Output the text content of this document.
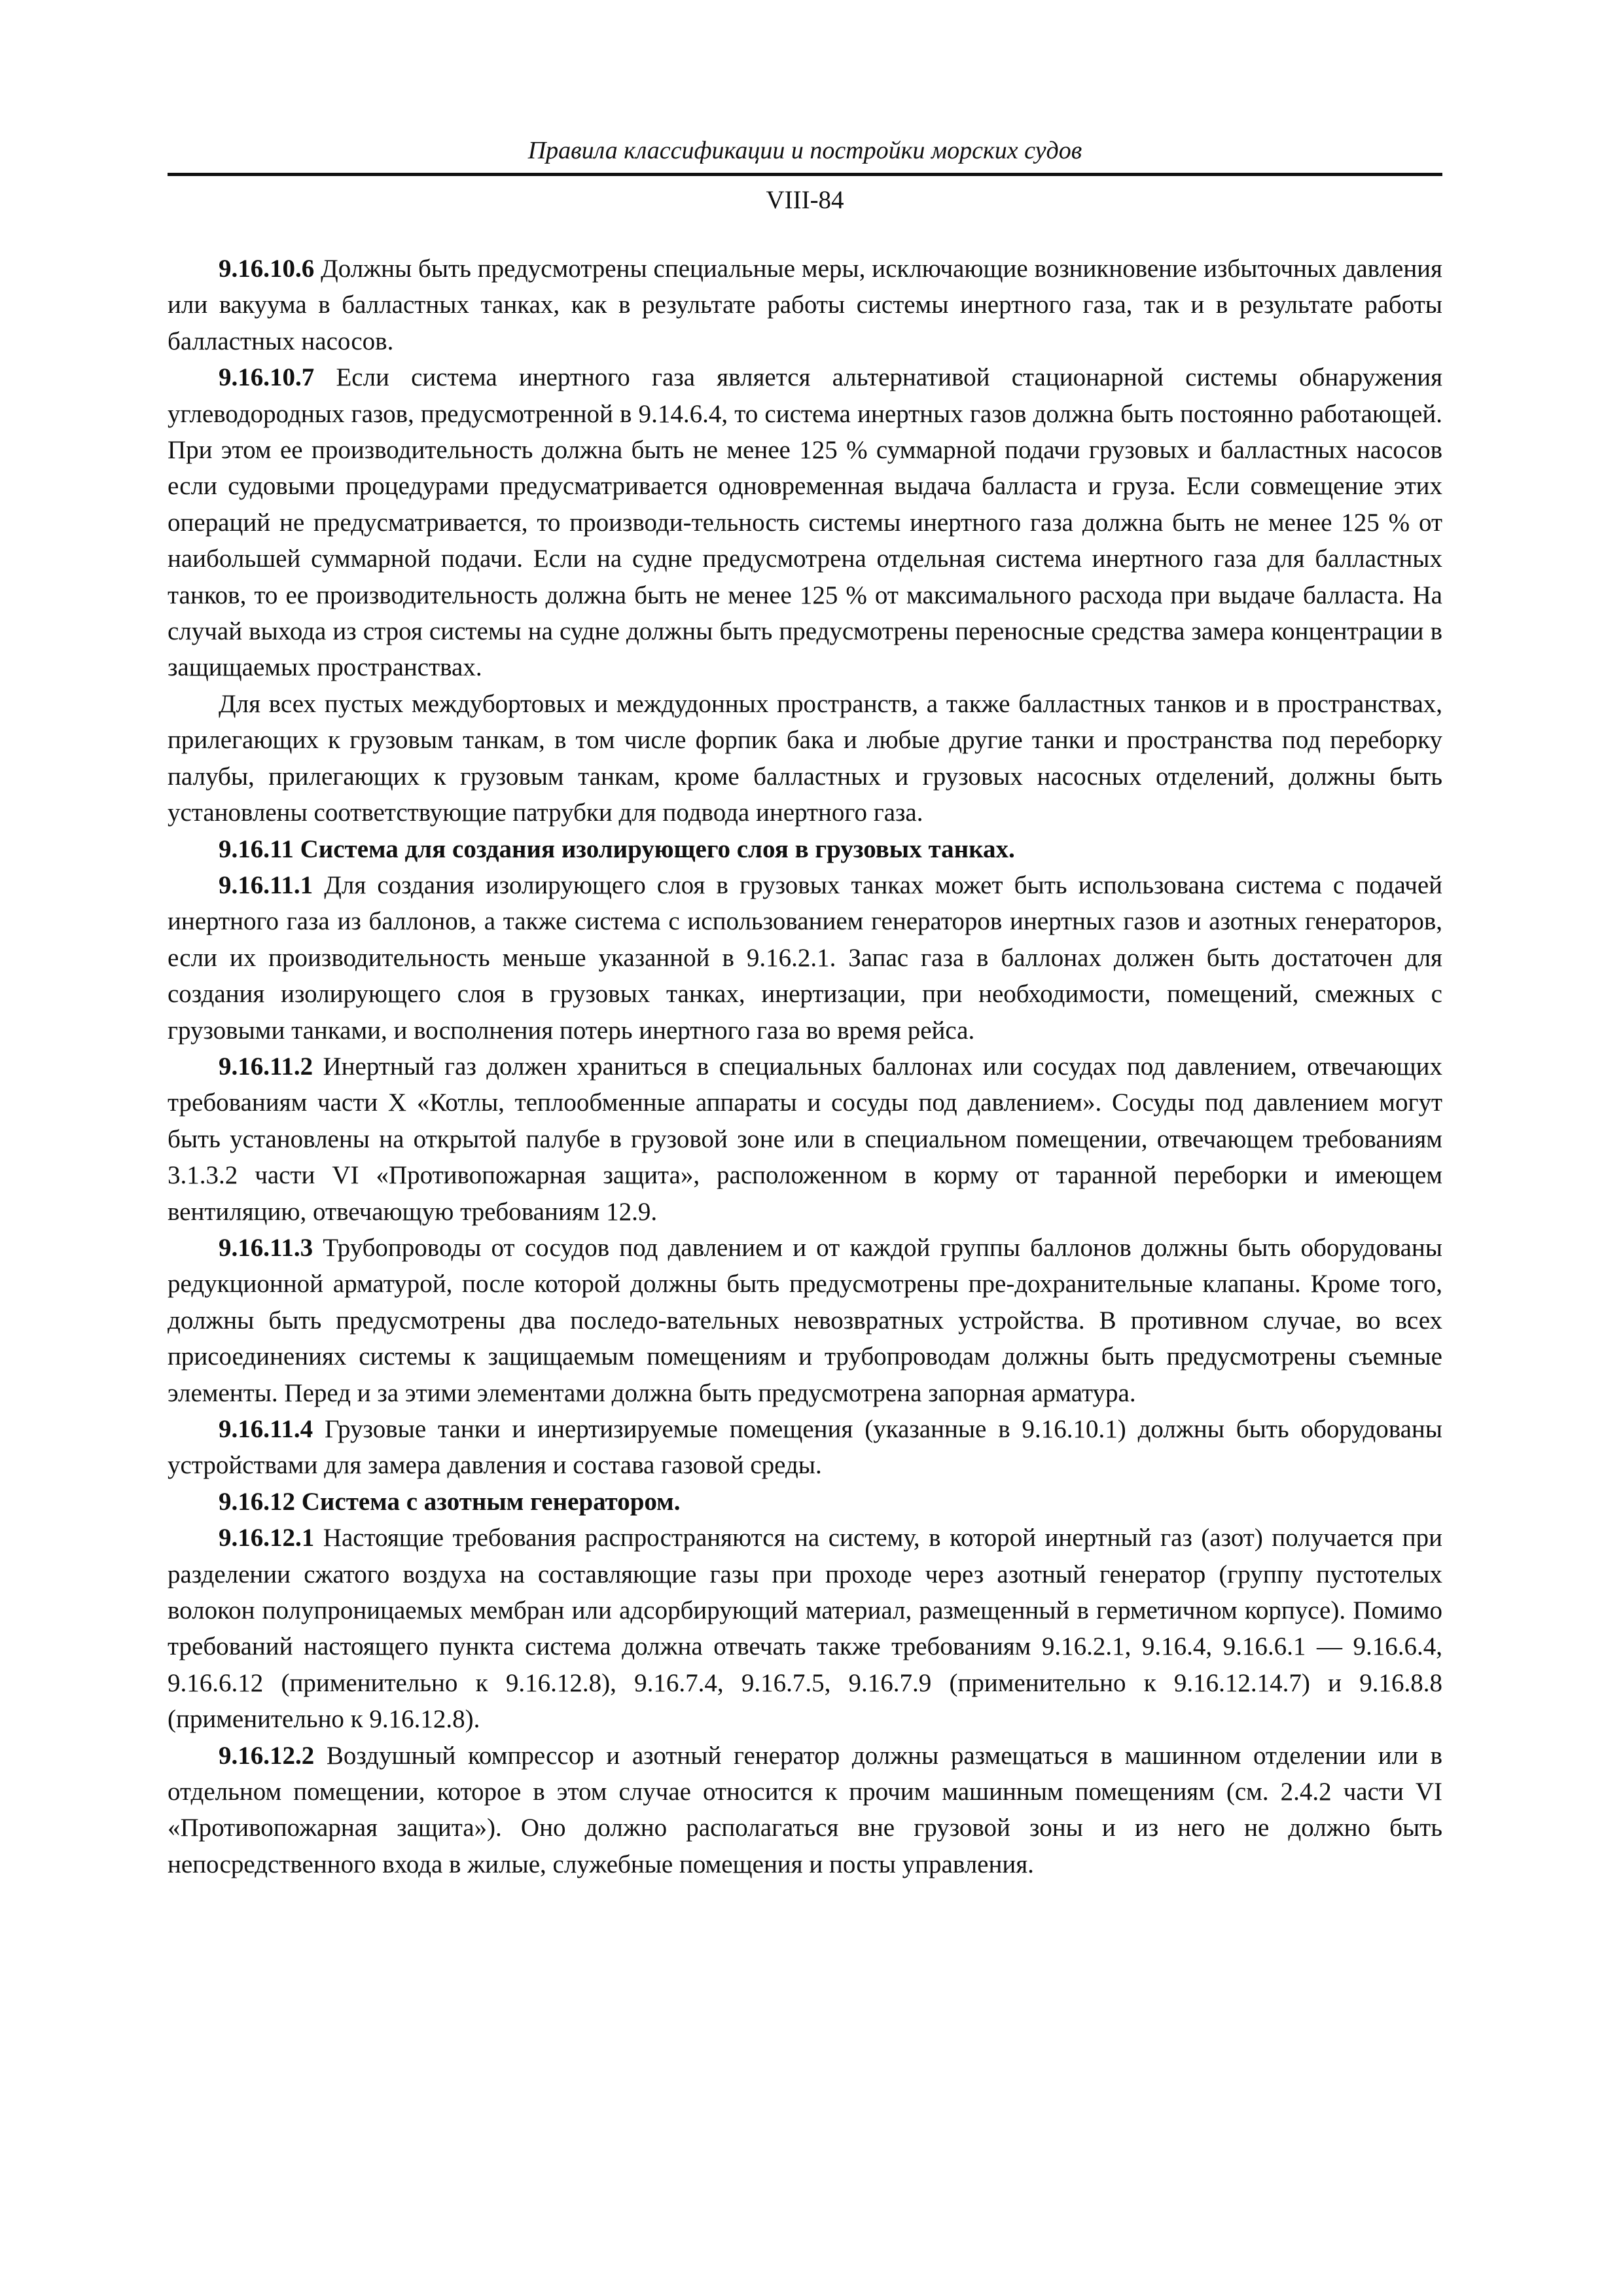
Правила классификации и постройки морских судов

VIII-84

9.16.10.6 Должны быть предусмотрены специальные меры, исключающие возникновение избыточных давления или вакуума в балластных танках, как в результате работы системы инертного газа, так и в результате работы балластных насосов.

9.16.10.7 Если система инертного газа является альтернативой стационарной системы обнаружения углеводородных газов, предусмотренной в 9.14.6.4, то система инертных газов должна быть постоянно работающей. При этом ее производительность должна быть не менее 125 % суммарной подачи грузовых и балластных насосов если судовыми процедурами предусматривается одновременная выдача балласта и груза. Если совмещение этих операций не предусматривается, то производи-тельность системы инертного газа должна быть не менее 125 % от наибольшей суммарной подачи. Если на судне предусмотрена отдельная система инертного газа для балластных танков, то ее производительность должна быть не менее 125 % от максимального расхода при выдаче балласта. На случай выхода из строя системы на судне должны быть предусмотрены переносные средства замера концентрации в защищаемых пространствах.

Для всех пустых междубортовых и междудонных пространств, а также балластных танков и в пространствах, прилегающих к грузовым танкам, в том числе форпик бака и любые другие танки и пространства под переборку палубы, прилегающих к грузовым танкам, кроме балластных и грузовых насосных отделений, должны быть установлены соответствующие патрубки для подвода инертного газа.

9.16.11 Система для создания изолирующего слоя в грузовых танках.

9.16.11.1 Для создания изолирующего слоя в грузовых танках может быть использована система с подачей инертного газа из баллонов, а также система с использованием генераторов инертных газов и азотных генераторов, если их производительность меньше указанной в 9.16.2.1. Запас газа в баллонах должен быть достаточен для создания изолирующего слоя в грузовых танках, инертизации, при необходимости, помещений, смежных с грузовыми танками, и восполнения потерь инертного газа во время рейса.

9.16.11.2 Инертный газ должен храниться в специальных баллонах или сосудах под давлением, отвечающих требованиям части X «Котлы, теплообменные аппараты и сосуды под давлением». Сосуды под давлением могут быть установлены на открытой палубе в грузовой зоне или в специальном помещении, отвечающем требованиям 3.1.3.2 части VI «Противопожарная защита», расположенном в корму от таранной переборки и имеющем вентиляцию, отвечающую требованиям 12.9.

9.16.11.3 Трубопроводы от сосудов под давлением и от каждой группы баллонов должны быть оборудованы редукционной арматурой, после которой должны быть предусмотрены пре-дохранительные клапаны. Кроме того, должны быть предусмотрены два последо-вательных невозвратных устройства. В противном случае, во всех присоединениях системы к защищаемым помещениям и трубопроводам должны быть предусмотрены съемные элементы. Перед и за этими элементами должна быть предусмотрена запорная арматура.

9.16.11.4 Грузовые танки и инертизируемые помещения (указанные в 9.16.10.1) должны быть оборудованы устройствами для замера давления и состава газовой среды.

9.16.12 Система с азотным генератором.

9.16.12.1 Настоящие требования распространяются на систему, в которой инертный газ (азот) получается при разделении сжатого воздуха на составляющие газы при проходе через азотный генератор (группу пустотелых волокон полупроницаемых мембран или адсорбирующий материал, размещенный в герметичном корпусе). Помимо требований настоящего пункта система должна отвечать также требованиям 9.16.2.1, 9.16.4, 9.16.6.1 — 9.16.6.4, 9.16.6.12 (применительно к 9.16.12.8), 9.16.7.4, 9.16.7.5, 9.16.7.9 (применительно к 9.16.12.14.7) и 9.16.8.8 (применительно к 9.16.12.8).

9.16.12.2 Воздушный компрессор и азотный генератор должны размещаться в машинном отделении или в отдельном помещении, которое в этом случае относится к прочим машинным помещениям (см. 2.4.2 части VI «Противопожарная защита»). Оно должно располагаться вне грузовой зоны и из него не должно быть непосредственного входа в жилые, служебные помещения и посты управления.
